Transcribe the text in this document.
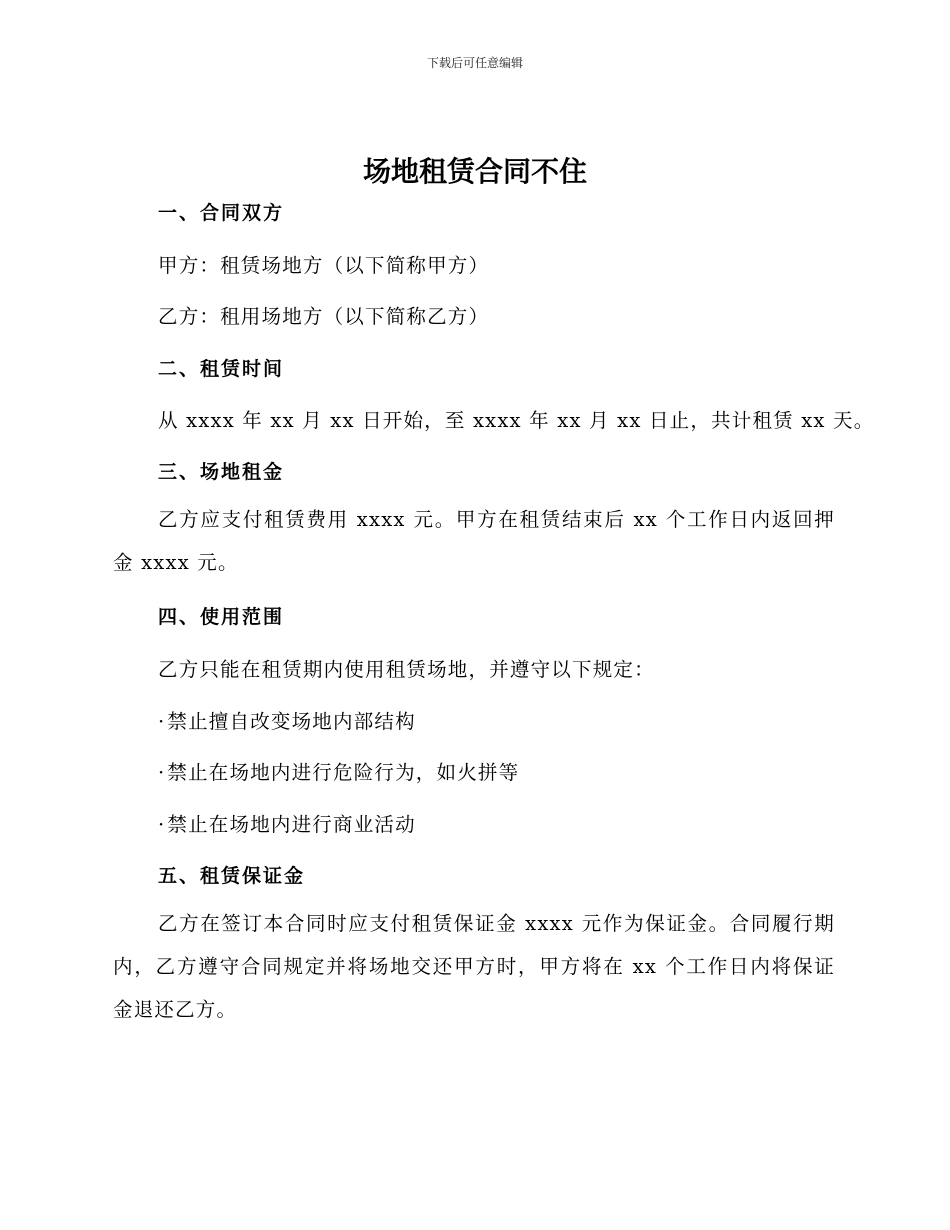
下载后可任意编辑
场地租赁合同不住
一、合同双方
甲方：租赁场地方（以下简称甲方）
乙方：租用场地方（以下简称乙方）
二、租赁时间
从 xxxx 年 xx 月 xx 日开始，至 xxxx 年 xx 月 xx 日止，共计租赁 xx 天。
三、场地租金
乙方应支付租赁费用 xxxx 元。甲方在租赁结束后 xx 个工作日内返回押金 xxxx 元。
四、使用范围
乙方只能在租赁期内使用租赁场地，并遵守以下规定：
· 禁止擅自改变场地内部结构
· 禁止在场地内进行危险行为，如火拼等
· 禁止在场地内进行商业活动
五、租赁保证金
乙方在签订本合同时应支付租赁保证金 xxxx 元作为保证金。合同履行期内，乙方遵守合同规定并将场地交还甲方时，甲方将在 xx 个工作日内将保证金退还乙方。
